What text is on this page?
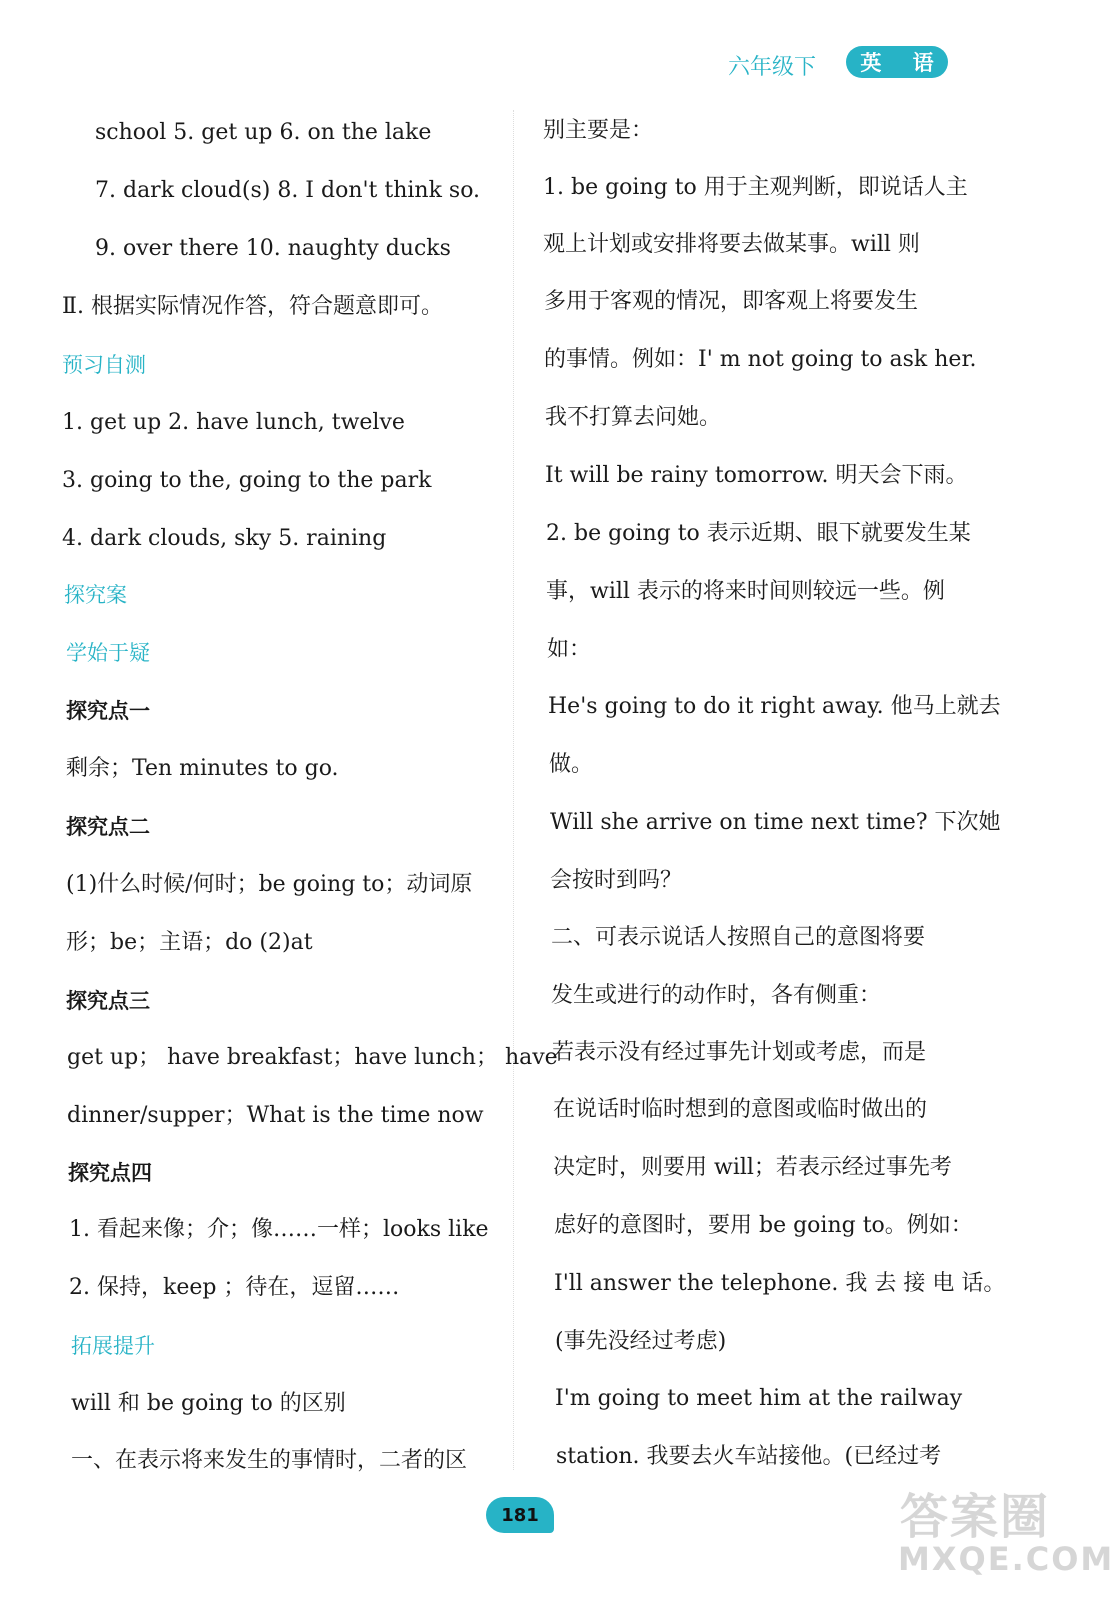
六年级下	英 语
school 5. get up 6. on the lake
7. dark cloud(s) 8. I don't think so.
9. over there 10. naughty ducks
Ⅱ. 根据实际情况作答，符合题意即可。
预习自测
1. get up 2. have lunch, twelve
3. going to the, going to the park
4. dark clouds, sky 5. raining
探究案
学始于疑
探究点一
剩余；Ten minutes to go.
探究点二
(1)什么时候/何时；be going to；动词原
形；be；主语；do (2)at
探究点三
get up； have breakfast；have lunch； have
dinner/supper；What is the time now
探究点四
1. 看起来像；介；像……一样；looks like
2. 保持，keep ；待在，逗留……
拓展提升
will 和 be going to 的区别
一、在表示将来发生的事情时，二者的区
别主要是：
1. be going to 用于主观判断，即说话人主
观上计划或安排将要去做某事。will 则
多用于客观的情况，即客观上将要发生
的事情。例如：I' m not going to ask her.
我不打算去问她。
It will be rainy tomorrow. 明天会下雨。
2. be going to 表示近期、眼下就要发生某
事，will 表示的将来时间则较远一些。例
如：
He's going to do it right away. 他马上就去
做。
Will she arrive on time next time? 下次她
会按时到吗？
二、可表示说话人按照自己的意图将要
发生或进行的动作时，各有侧重：
若表示没有经过事先计划或考虑，而是
在说话时临时想到的意图或临时做出的
决定时，则要用 will；若表示经过事先考
虑好的意图时，要用 be going to。例如：
I'll answer the telephone. 我 去 接 电 话。
(事先没经过考虑)
I'm going to meet him at the railway
station. 我要去火车站接他。(已经过考
181	答案圈
MXQE.COM
